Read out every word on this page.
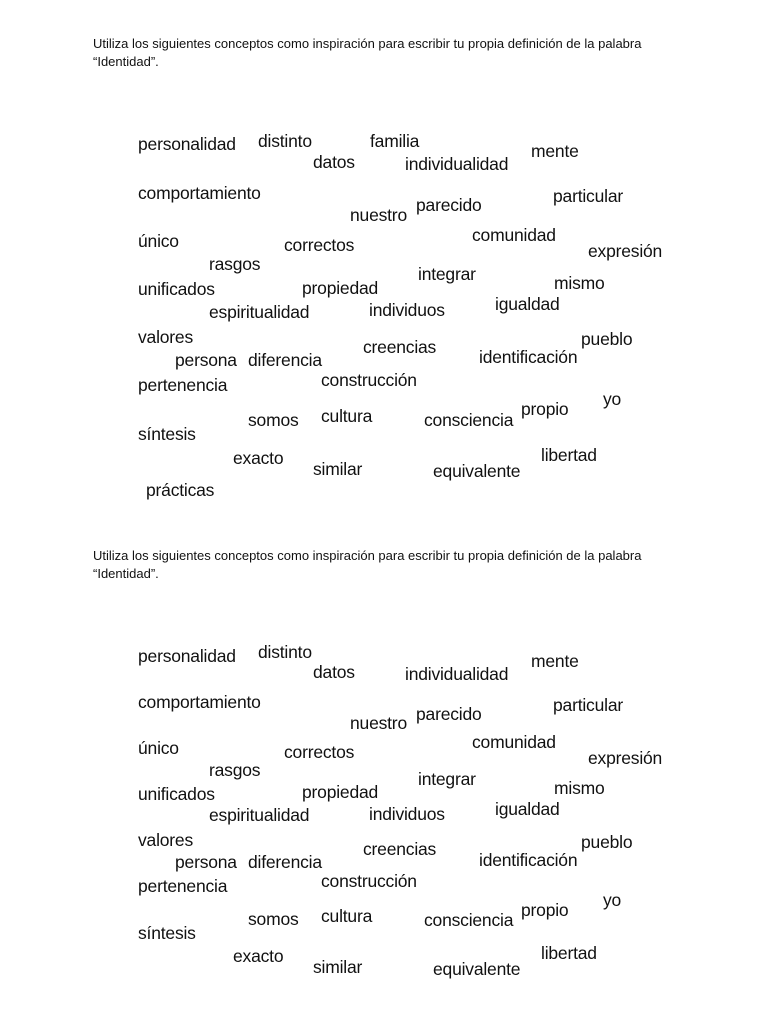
Utiliza los siguientes conceptos como inspiración para escribir tu propia definición de la palabra “Identidad”.

personalidad distinto	familia
datos	individualidad
mente
comportamiento
nuestro parecido	particular
único	correctos	comunidad
expresión
rasgos	integrar
unificados	propiedad	mismo
espiritualidad	individuos	igualdad
valores	creencias	pueblo
persona diferencia	identificación
pertenencia	construcción
yo
somos cultura	consciencia
propio
síntesis
exacto
similar	equivalente
libertad
prácticas

Utiliza los siguientes conceptos como inspiración para escribir tu propia definición de la palabra “Identidad”.

personalidad distinto
datos	individualidad
mente
comportamiento
nuestro parecido	particular
único	correctos	comunidad
expresión
rasgos	integrar
unificados	propiedad	mismo
espiritualidad	individuos	igualdad
valores	creencias	pueblo
persona diferencia	identificación
pertenencia	construcción
yo
somos cultura	consciencia propio
síntesis
exacto
similar	equivalente
libertad
